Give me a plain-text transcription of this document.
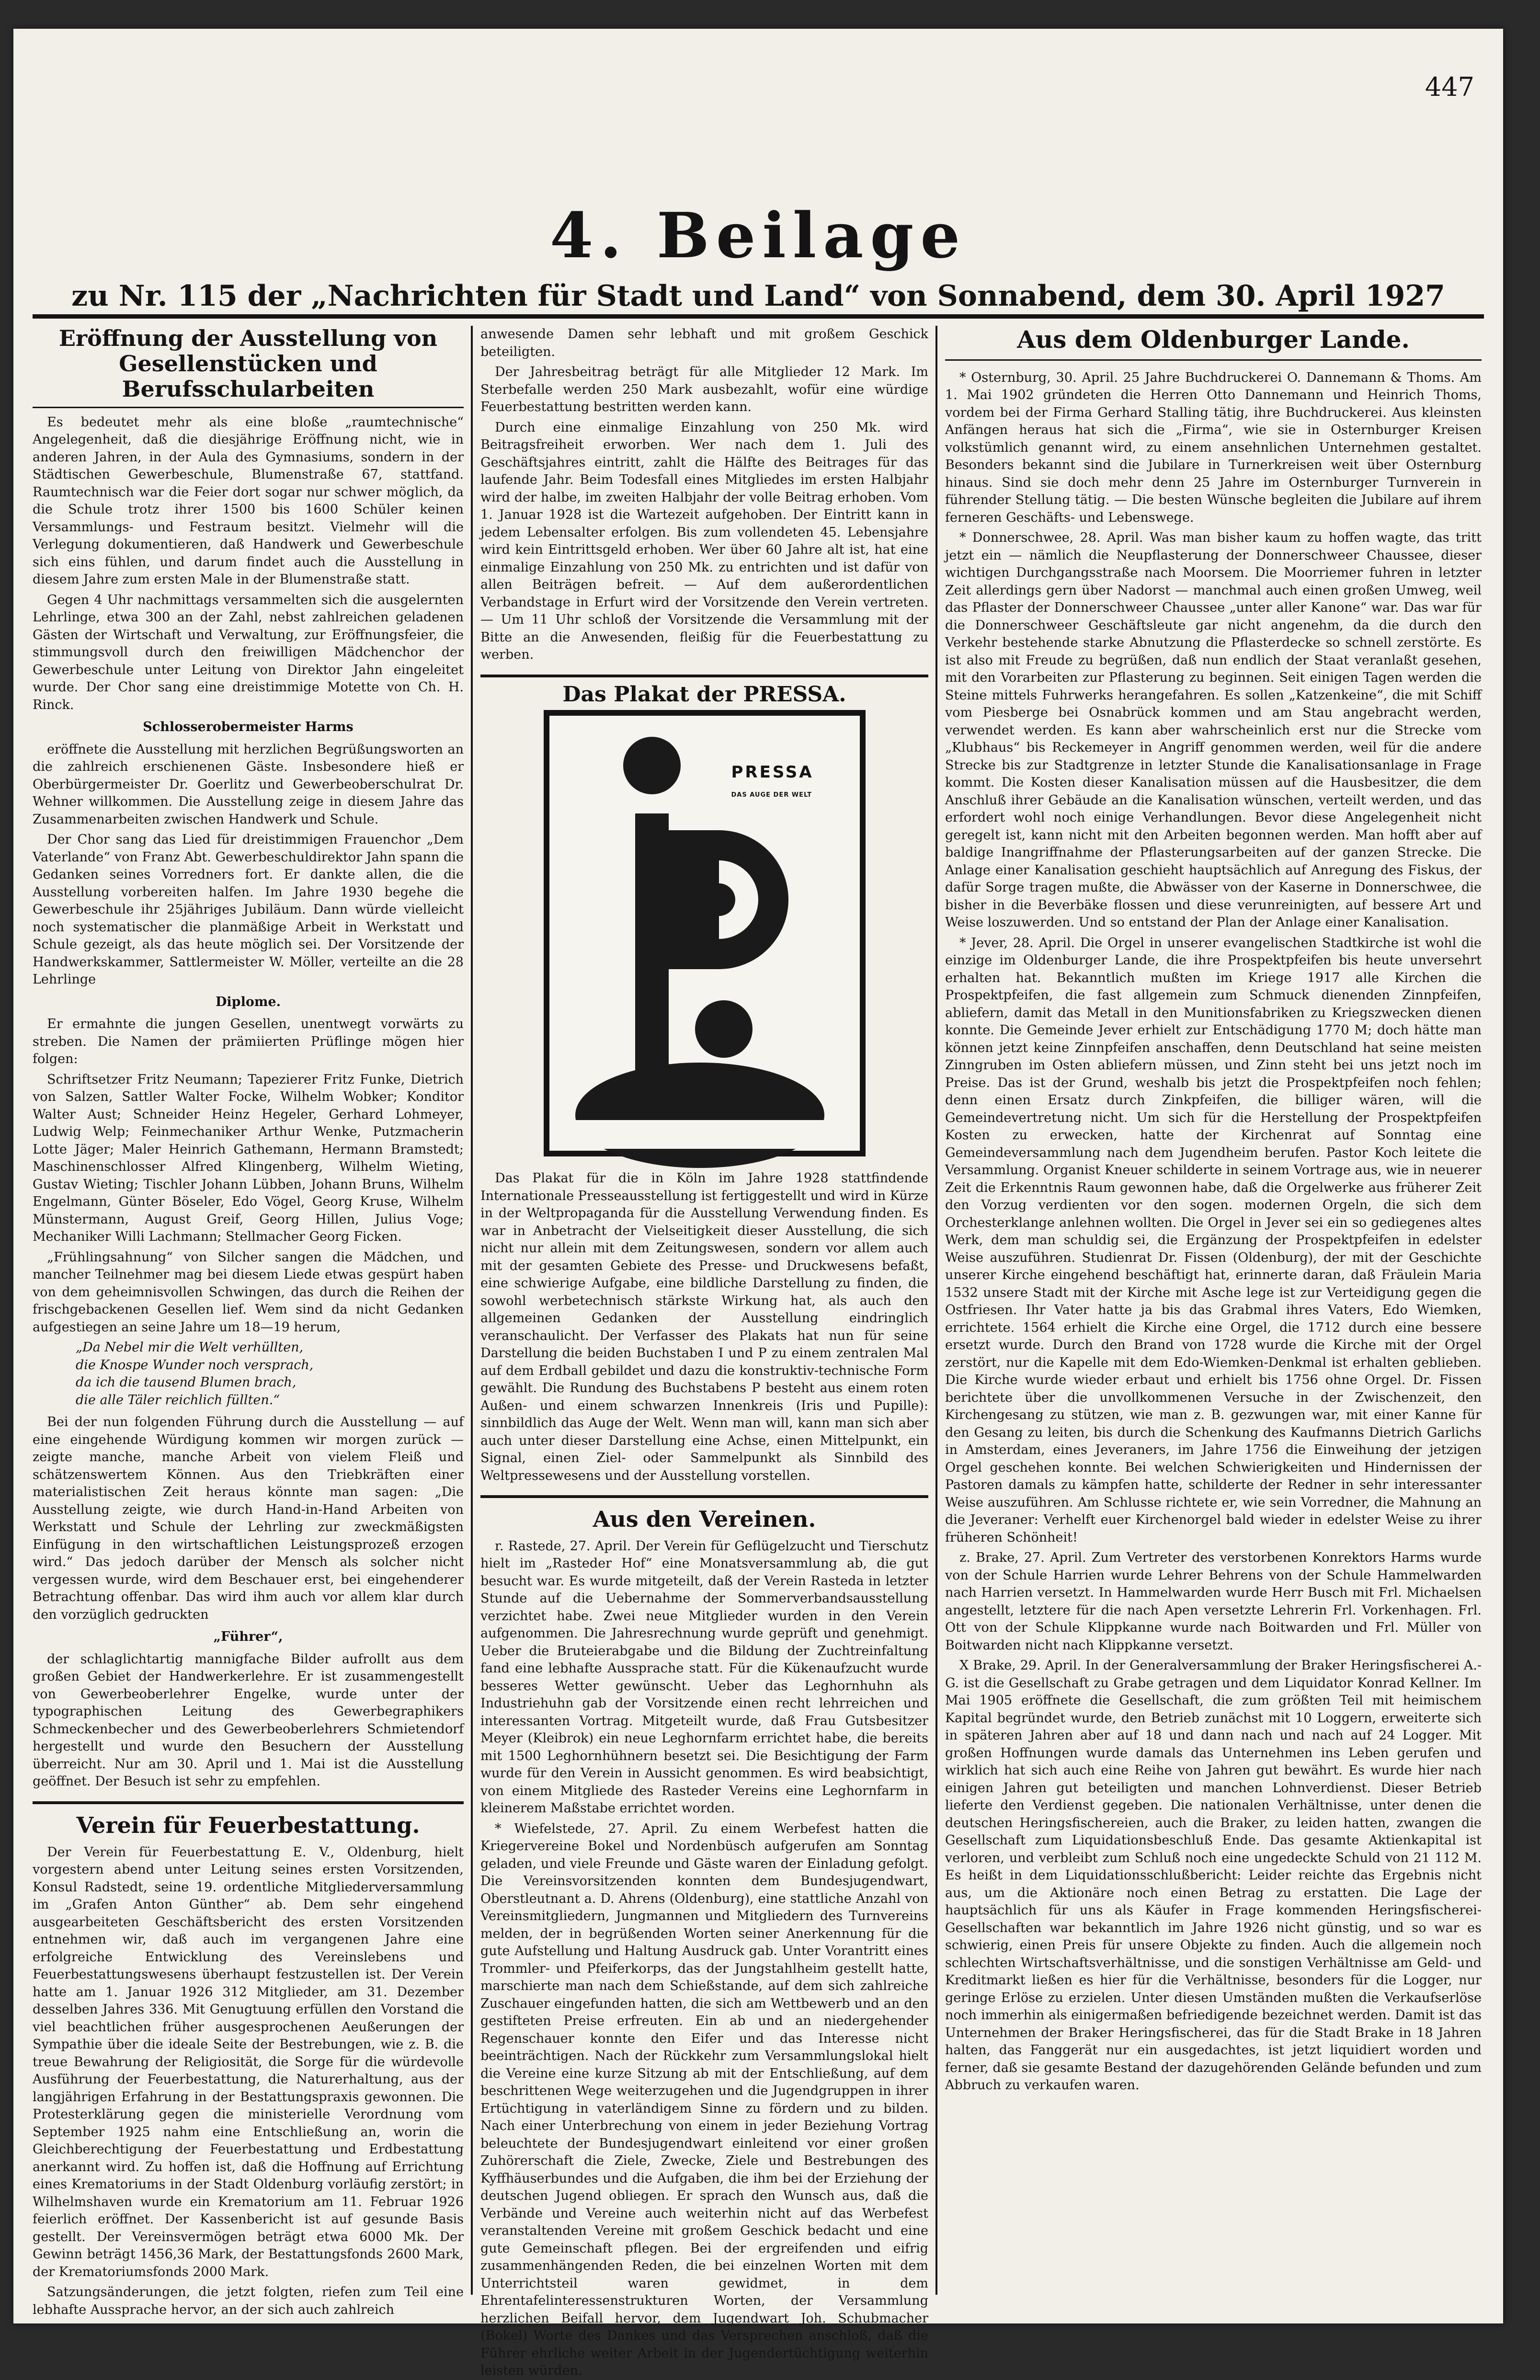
447
4. Beilage
zu Nr. 115 der „Nachrichten für Stadt und Land“ von Sonnabend, dem 30. April 1927
Eröffnung der Ausstellung von Gesellenstücken und Berufsschularbeiten

Es bedeutet mehr als eine bloße „raumtechnische“ Angelegenheit, daß die diesjährige Eröffnung nicht, wie in anderen Jahren, in der Aula des Gymnasiums, sondern in der Städtischen Gewerbeschule, Blumenstraße 67, stattfand. Raumtechnisch war die Feier dort sogar nur schwer möglich, da die Schule trotz ihrer 1500 bis 1600 Schüler keinen Versammlungs- und Festraum besitzt. Vielmehr will die Verlegung dokumentieren, daß Handwerk und Gewerbeschule sich eins fühlen, und darum findet auch die Ausstellung in diesem Jahre zum ersten Male in der Blumenstraße statt.

Gegen 4 Uhr nachmittags versammelten sich die ausgelernten Lehrlinge, etwa 300 an der Zahl, nebst zahlreichen geladenen Gästen der Wirtschaft und Verwaltung, zur Eröffnungsfeier, die stimmungsvoll durch den freiwilligen Mädchenchor der Gewerbeschule unter Leitung von Direktor Jahn eingeleitet wurde. Der Chor sang eine dreistimmige Motette von Ch. H. Rinck.

Schlosserobermeister Harms

eröffnete die Ausstellung mit herzlichen Begrüßungsworten an die zahlreich erschienenen Gäste. Insbesondere hieß er Oberbürgermeister Dr. Goerlitz und Gewerbeoberschulrat Dr. Wehner willkommen. Die Ausstellung zeige in diesem Jahre das Zusammenarbeiten zwischen Handwerk und Schule.

Der Chor sang das Lied für dreistimmigen Frauenchor „Dem Vaterlande“ von Franz Abt. Gewerbeschuldirektor Jahn spann die Gedanken seines Vorredners fort. Er dankte allen, die die Ausstellung vorbereiten halfen. Im Jahre 1930 begehe die Gewerbeschule ihr 25jähriges Jubiläum. Dann würde vielleicht noch systematischer die planmäßige Arbeit in Werkstatt und Schule gezeigt, als das heute möglich sei. Der Vorsitzende der Handwerkskammer, Sattlermeister W. Möller, verteilte an die 28 Lehrlinge

Diplome.

Er ermahnte die jungen Gesellen, unentwegt vorwärts zu streben. Die Namen der prämiierten Prüflinge mögen hier folgen:

Schriftsetzer Fritz Neumann; Tapezierer Fritz Funke, Dietrich von Salzen, Sattler Walter Focke, Wilhelm Wobker; Konditor Walter Aust; Schneider Heinz Hegeler, Gerhard Lohmeyer, Ludwig Welp; Feinmechaniker Arthur Wenke, Putzmacherin Lotte Jäger; Maler Heinrich Gathemann, Hermann Bramstedt; Maschinenschlosser Alfred Klingenberg, Wilhelm Wieting, Gustav Wieting; Tischler Johann Lübben, Johann Bruns, Wilhelm Engelmann, Günter Böseler, Edo Vögel, Georg Kruse, Wilhelm Münstermann, August Greif, Georg Hillen, Julius Voge; Mechaniker Willi Lachmann; Stellmacher Georg Ficken.

„Frühlingsahnung“ von Silcher sangen die Mädchen, und mancher Teilnehmer mag bei diesem Liede etwas gespürt haben von dem geheimnisvollen Schwingen, das durch die Reihen der frischgebackenen Gesellen lief. Wem sind da nicht Gedanken aufgestiegen an seine Jahre um 18—19 herum,

„Da Nebel mir die Welt verhüllten,
die Knospe Wunder noch versprach,
da ich die tausend Blumen brach,
die alle Täler reichlich füllten.“

Bei der nun folgenden Führung durch die Ausstellung — auf eine eingehende Würdigung kommen wir morgen zurück — zeigte manche, manche Arbeit von vielem Fleiß und schätzenswertem Können. Aus den Triebkräften einer materialistischen Zeit heraus könnte man sagen: „Die Ausstellung zeigte, wie durch Hand-in-Hand Arbeiten von Werkstatt und Schule der Lehrling zur zweckmäßigsten Einfügung in den wirtschaftlichen Leistungsprozeß erzogen wird.“ Das jedoch darüber der Mensch als solcher nicht vergessen wurde, wird dem Beschauer erst, bei eingehenderer Betrachtung offenbar. Das wird ihm auch vor allem klar durch den vorzüglich gedruckten

„Führer“,

der schlaglichtartig mannigfache Bilder aufrollt aus dem großen Gebiet der Handwerkerlehre. Er ist zusammengestellt von Gewerbeoberlehrer Engelke, wurde unter der typographischen Leitung des Gewerbegraphikers Schmeckenbecher und des Gewerbeoberlehrers Schmietendorf hergestellt und wurde den Besuchern der Ausstellung überreicht. Nur am 30. April und 1. Mai ist die Ausstellung geöffnet. Der Besuch ist sehr zu empfehlen.

Verein für Feuerbestattung.

Der Verein für Feuerbestattung E. V., Oldenburg, hielt vorgestern abend unter Leitung seines ersten Vorsitzenden, Konsul Radstedt, seine 19. ordentliche Mitgliederversammlung im „Grafen Anton Günther“ ab. Dem sehr eingehend ausgearbeiteten Geschäftsbericht des ersten Vorsitzenden entnehmen wir, daß auch im vergangenen Jahre eine erfolgreiche Entwicklung des Vereinslebens und Feuerbestattungswesens überhaupt festzustellen ist. Der Verein hatte am 1. Januar 1926 312 Mitglieder, am 31. Dezember desselben Jahres 336. Mit Genugtuung erfüllen den Vorstand die viel beachtlichen früher ausgesprochenen Aeußerungen der Sympathie über die ideale Seite der Bestrebungen, wie z. B. die treue Bewahrung der Religiosität, die Sorge für die würdevolle Ausführung der Feuerbestattung, die Naturerhaltung, aus der langjährigen Erfahrung in der Bestattungspraxis gewonnen. Die Protesterklärung gegen die ministerielle Verordnung vom September 1925 nahm eine Entschließung an, worin die Gleichberechtigung der Feuerbestattung und Erdbestattung anerkannt wird. Zu hoffen ist, daß die Hoffnung auf Errichtung eines Krematoriums in der Stadt Oldenburg vorläufig zerstört; in Wilhelmshaven wurde ein Krematorium am 11. Februar 1926 feierlich eröffnet. Der Kassenbericht ist auf gesunde Basis gestellt. Der Vereinsvermögen beträgt etwa 6000 Mk. Der Gewinn beträgt 1456,36 Mark, der Bestattungsfonds 2600 Mark, der Krematoriumsfonds 2000 Mark.

Satzungsänderungen, die jetzt folgten, riefen zum Teil eine lebhafte Aussprache hervor, an der sich auch zahlreich

anwesende Damen sehr lebhaft und mit großem Geschick beteiligten.

Der Jahresbeitrag beträgt für alle Mitglieder 12 Mark. Im Sterbefalle werden 250 Mark ausbezahlt, wofür eine würdige Feuerbestattung bestritten werden kann.

Durch eine einmalige Einzahlung von 250 Mk. wird Beitragsfreiheit erworben. Wer nach dem 1. Juli des Geschäftsjahres eintritt, zahlt die Hälfte des Beitrages für das laufende Jahr. Beim Todesfall eines Mitgliedes im ersten Halbjahr wird der halbe, im zweiten Halbjahr der volle Beitrag erhoben. Vom 1. Januar 1928 ist die Wartezeit aufgehoben. Der Eintritt kann in jedem Lebensalter erfolgen. Bis zum vollendeten 45. Lebensjahre wird kein Eintrittsgeld erhoben. Wer über 60 Jahre alt ist, hat eine einmalige Einzahlung von 250 Mk. zu entrichten und ist dafür von allen Beiträgen befreit. — Auf dem außerordentlichen Verbandstage in Erfurt wird der Vorsitzende den Verein vertreten. — Um 11 Uhr schloß der Vorsitzende die Versammlung mit der Bitte an die Anwesenden, fleißig für die Feuerbestattung zu werben.

Das Plakat der PRESSA.
PRESSA
DAS AUGE DER WELT

Das Plakat für die in Köln im Jahre 1928 stattfindende Internationale Presseausstellung ist fertiggestellt und wird in Kürze in der Weltpropaganda für die Ausstellung Verwendung finden. Es war in Anbetracht der Vielseitigkeit dieser Ausstellung, die sich nicht nur allein mit dem Zeitungswesen, sondern vor allem auch mit der gesamten Gebiete des Presse- und Druckwesens befaßt, eine schwierige Aufgabe, eine bildliche Darstellung zu finden, die sowohl werbetechnisch stärkste Wirkung hat, als auch den allgemeinen Gedanken der Ausstellung eindringlich veranschaulicht. Der Verfasser des Plakats hat nun für seine Darstellung die beiden Buchstaben I und P zu einem zentralen Mal auf dem Erdball gebildet und dazu die konstruktiv-technische Form gewählt. Die Rundung des Buchstabens P besteht aus einem roten Außen- und einem schwarzen Innenkreis (Iris und Pupille): sinnbildlich das Auge der Welt. Wenn man will, kann man sich aber auch unter dieser Darstellung eine Achse, einen Mittelpunkt, ein Signal, einen Ziel- oder Sammelpunkt als Sinnbild des Weltpressewesens und der Ausstellung vorstellen.

Aus den Vereinen.

r. Rastede, 27. April. Der Verein für Geflügelzucht und Tierschutz hielt im „Rasteder Hof“ eine Monatsversammlung ab, die gut besucht war. Es wurde mitgeteilt, daß der Verein Rasteda in letzter Stunde auf die Uebernahme der Sommerverbandsausstellung verzichtet habe. Zwei neue Mitglieder wurden in den Verein aufgenommen. Die Jahresrechnung wurde geprüft und genehmigt. Ueber die Bruteierabgabe und die Bildung der Zuchtreinfaltung fand eine lebhafte Aussprache statt. Für die Kükenaufzucht wurde besseres Wetter gewünscht. Ueber das Leghornhuhn als Industriehuhn gab der Vorsitzende einen recht lehrreichen und interessanten Vortrag. Mitgeteilt wurde, daß Frau Gutsbesitzer Meyer (Kleibrok) ein neue Leghornfarm errichtet habe, die bereits mit 1500 Leghornhühnern besetzt sei. Die Besichtigung der Farm wurde für den Verein in Aussicht genommen. Es wird beabsichtigt, von einem Mitgliede des Rasteder Vereins eine Leghornfarm in kleinerem Maßstabe errichtet worden.

* Wiefelstede, 27. April. Zu einem Werbefest hatten die Kriegervereine Bokel und Nordenbüsch aufgerufen am Sonntag geladen, und viele Freunde und Gäste waren der Einladung gefolgt. Die Vereinsvorsitzenden konnten dem Bundesjugendwart, Oberstleutnant a. D. Ahrens (Oldenburg), eine stattliche Anzahl von Vereinsmitgliedern, Jungmannen und Mitgliedern des Turnvereins melden, der in begrüßenden Worten seiner Anerkennung für die gute Aufstellung und Haltung Ausdruck gab. Unter Vorantritt eines Trommler- und Pfeiferkorps, das der Jungstahlheim gestellt hatte, marschierte man nach dem Schießstande, auf dem sich zahlreiche Zuschauer eingefunden hatten, die sich am Wettbewerb und an den gestifteten Preise erfreuten. Ein ab und an niedergehender Regenschauer konnte den Eifer und das Interesse nicht beeinträchtigen. Nach der Rückkehr zum Versammlungslokal hielt die Vereine eine kurze Sitzung ab mit der Entschließung, auf dem beschrittenen Wege weiterzugehen und die Jugendgruppen in ihrer Ertüchtigung in vaterländigem Sinne zu fördern und zu bilden. Nach einer Unterbrechung von einem in jeder Beziehung Vortrag beleuchtete der Bundesjugendwart einleitend vor einer großen Zuhörerschaft die Ziele, Zwecke, Ziele und Bestrebungen des Kyffhäuserbundes und die Aufgaben, die ihm bei der Erziehung der deutschen Jugend obliegen. Er sprach den Wunsch aus, daß die Verbände und Vereine auch weiterhin nicht auf das Werbefest veranstaltenden Vereine mit großem Geschick bedacht und eine gute Gemeinschaft pflegen. Bei der ergreifenden und eifrig zusammenhängenden Reden, die bei einzelnen Worten mit dem Unterrichtsteil waren gewidmet, in dem Ehrentafelinteressenstrukturen Worten, der Versammlung herzlichen Beifall hervor, dem Jugendwart Joh. Schubmacher (Bokel) Worte des Dankes und das Versprechen anschloß, daß die Führer ehrliche weiter Arbeit in der Jugendertüchtigung weiterhin leisten würden.

Aus dem Oldenburger Lande.

* Osternburg, 30. April. 25 Jahre Buchdruckerei O. Dannemann & Thoms. Am 1. Mai 1902 gründeten die Herren Otto Dannemann und Heinrich Thoms, vordem bei der Firma Gerhard Stalling tätig, ihre Buchdruckerei. Aus kleinsten Anfängen heraus hat sich die „Firma“, wie sie in Osternburger Kreisen volkstümlich genannt wird, zu einem ansehnlichen Unternehmen gestaltet. Besonders bekannt sind die Jubilare in Turnerkreisen weit über Osternburg hinaus. Sind sie doch mehr denn 25 Jahre im Osternburger Turnverein in führender Stellung tätig. — Die besten Wünsche begleiten die Jubilare auf ihrem ferneren Geschäfts- und Lebenswege.

* Donnerschwee, 28. April. Was man bisher kaum zu hoffen wagte, das tritt jetzt ein — nämlich die Neupflasterung der Donnerschweer Chaussee, dieser wichtigen Durchgangsstraße nach Moorsem. Die Moorriemer fuhren in letzter Zeit allerdings gern über Nadorst — manchmal auch einen großen Umweg, weil das Pflaster der Donnerschweer Chaussee „unter aller Kanone“ war. Das war für die Donnerschweer Geschäftsleute gar nicht angenehm, da die durch den Verkehr bestehende starke Abnutzung die Pflasterdecke so schnell zerstörte. Es ist also mit Freude zu begrüßen, daß nun endlich der Staat veranlaßt gesehen, mit den Vorarbeiten zur Pflasterung zu beginnen. Seit einigen Tagen werden die Steine mittels Fuhrwerks herangefahren. Es sollen „Katzenkeine“, die mit Schiff vom Piesberge bei Osnabrück kommen und am Stau angebracht werden, verwendet werden. Es kann aber wahrscheinlich erst nur die Strecke vom „Klubhaus“ bis Reckemeyer in Angriff genommen werden, weil für die andere Strecke bis zur Stadtgrenze in letzter Stunde die Kanalisationsanlage in Frage kommt. Die Kosten dieser Kanalisation müssen auf die Hausbesitzer, die dem Anschluß ihrer Gebäude an die Kanalisation wünschen, verteilt werden, und das erfordert wohl noch einige Verhandlungen. Bevor diese Angelegenheit nicht geregelt ist, kann nicht mit den Arbeiten begonnen werden. Man hofft aber auf baldige Inangriffnahme der Pflasterungsarbeiten auf der ganzen Strecke. Die Anlage einer Kanalisation geschieht hauptsächlich auf Anregung des Fiskus, der dafür Sorge tragen mußte, die Abwässer von der Kaserne in Donnerschwee, die bisher in die Beverbäke flossen und diese verunreinigten, auf bessere Art und Weise loszuwerden. Und so entstand der Plan der Anlage einer Kanalisation.

* Jever, 28. April. Die Orgel in unserer evangelischen Stadtkirche ist wohl die einzige im Oldenburger Lande, die ihre Prospektpfeifen bis heute unversehrt erhalten hat. Bekanntlich mußten im Kriege 1917 alle Kirchen die Prospektpfeifen, die fast allgemein zum Schmuck dienenden Zinnpfeifen, abliefern, damit das Metall in den Munitionsfabriken zu Kriegszwecken dienen konnte. Die Gemeinde Jever erhielt zur Entschädigung 1770 M; doch hätte man können jetzt keine Zinnpfeifen anschaffen, denn Deutschland hat seine meisten Zinngruben im Osten abliefern müssen, und Zinn steht bei uns jetzt noch im Preise. Das ist der Grund, weshalb bis jetzt die Prospektpfeifen noch fehlen; denn einen Ersatz durch Zinkpfeifen, die billiger wären, will die Gemeindevertretung nicht. Um sich für die Herstellung der Prospektpfeifen Kosten zu erwecken, hatte der Kirchenrat auf Sonntag eine Gemeindeversammlung nach dem Jugendheim berufen. Pastor Koch leitete die Versammlung. Organist Kneuer schilderte in seinem Vortrage aus, wie in neuerer Zeit die Erkenntnis Raum gewonnen habe, daß die Orgelwerke aus früherer Zeit den Vorzug verdienten vor den sogen. modernen Orgeln, die sich dem Orchesterklange anlehnen wollten. Die Orgel in Jever sei ein so gediegenes altes Werk, dem man schuldig sei, die Ergänzung der Prospektpfeifen in edelster Weise auszuführen. Studienrat Dr. Fissen (Oldenburg), der mit der Geschichte unserer Kirche eingehend beschäftigt hat, erinnerte daran, daß Fräulein Maria 1532 unsere Stadt mit der Kirche mit Asche lege ist zur Verteidigung gegen die Ostfriesen. Ihr Vater hatte ja bis das Grabmal ihres Vaters, Edo Wiemken, errichtete. 1564 erhielt die Kirche eine Orgel, die 1712 durch eine bessere ersetzt wurde. Durch den Brand von 1728 wurde die Kirche mit der Orgel zerstört, nur die Kapelle mit dem Edo-Wiemken-Denkmal ist erhalten geblieben. Die Kirche wurde wieder erbaut und erhielt bis 1756 ohne Orgel. Dr. Fissen berichtete über die unvollkommenen Versuche in der Zwischenzeit, den Kirchengesang zu stützen, wie man z. B. gezwungen war, mit einer Kanne für den Gesang zu leiten, bis durch die Schenkung des Kaufmanns Dietrich Garlichs in Amsterdam, eines Jeveraners, im Jahre 1756 die Einweihung der jetzigen Orgel geschehen konnte. Bei welchen Schwierigkeiten und Hindernissen der Pastoren damals zu kämpfen hatte, schilderte der Redner in sehr interessanter Weise auszuführen. Am Schlusse richtete er, wie sein Vorredner, die Mahnung an die Jeveraner: Verhelft euer Kirchenorgel bald wieder in edelster Weise zu ihrer früheren Schönheit!

z. Brake, 27. April. Zum Vertreter des verstorbenen Konrektors Harms wurde von der Schule Harrien wurde Lehrer Behrens von der Schule Hammelwarden nach Harrien versetzt. In Hammelwarden wurde Herr Busch mit Frl. Michaelsen angestellt, letztere für die nach Apen versetzte Lehrerin Frl. Vorkenhagen. Frl. Ott von der Schule Klippkanne wurde nach Boitwarden und Frl. Müller von Boitwarden nicht nach Klippkanne versetzt.

X Brake, 29. April. In der Generalversammlung der Braker Heringsfischerei A.-G. ist die Gesellschaft zu Grabe getragen und dem Liquidator Konrad Kellner. Im Mai 1905 eröffnete die Gesellschaft, die zum größten Teil mit heimischem Kapital begründet wurde, den Betrieb zunächst mit 10 Loggern, erweiterte sich in späteren Jahren aber auf 18 und dann nach und nach auf 24 Logger. Mit großen Hoffnungen wurde damals das Unternehmen ins Leben gerufen und wirklich hat sich auch eine Reihe von Jahren gut bewährt. Es wurde hier nach einigen Jahren gut beteiligten und manchen Lohnverdienst. Dieser Betrieb lieferte den Verdienst gegeben. Die nationalen Verhältnisse, unter denen die deutschen Heringsfischereien, auch die Braker, zu leiden hatten, zwangen die Gesellschaft zum Liquidationsbeschluß Ende. Das gesamte Aktienkapital ist verloren, und verbleibt zum Schluß noch eine ungedeckte Schuld von 21 112 M. Es heißt in dem Liquidationsschlußbericht: Leider reichte das Ergebnis nicht aus, um die Aktionäre noch einen Betrag zu erstatten. Die Lage der hauptsächlich für uns als Käufer in Frage kommenden Heringsfischerei-Gesellschaften war bekanntlich im Jahre 1926 nicht günstig, und so war es schwierig, einen Preis für unsere Objekte zu finden. Auch die allgemein noch schlechten Wirtschaftsverhältnisse, und die sonstigen Verhältnisse am Geld- und Kreditmarkt ließen es hier für die Verhältnisse, besonders für die Logger, nur geringe Erlöse zu erzielen. Unter diesen Umständen mußten die Verkaufserlöse noch immerhin als einigermaßen befriedigende bezeichnet werden. Damit ist das Unternehmen der Braker Heringsfischerei, das für die Stadt Brake in 18 Jahren halten, das Fanggerät nur ein ausgedachtes, ist jetzt liquidiert worden und ferner, daß sie gesamte Bestand der dazugehörenden Gelände befunden und zum Abbruch zu verkaufen waren.
